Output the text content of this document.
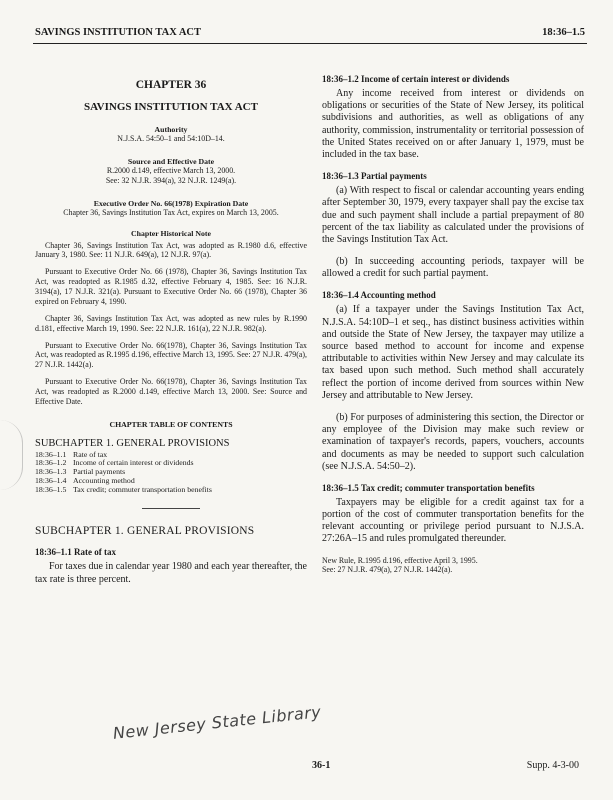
SAVINGS INSTITUTION TAX ACT	18:36–1.5
CHAPTER 36
SAVINGS INSTITUTION TAX ACT
Authority
N.J.S.A. 54:50–1 and 54:10D–14.
Source and Effective Date
R.2000 d.149, effective March 13, 2000.
See: 32 N.J.R. 394(a), 32 N.J.R. 1249(a).
Executive Order No. 66(1978) Expiration Date
Chapter 36, Savings Institution Tax Act, expires on March 13, 2005.
Chapter Historical Note

Chapter 36, Savings Institution Tax Act, was adopted as R.1980 d.6, effective January 3, 1980. See: 11 N.J.R. 649(a), 12 N.J.R. 97(a).

Pursuant to Executive Order No. 66 (1978), Chapter 36, Savings Institution Tax Act, was readopted as R.1985 d.32, effective February 4, 1985. See: 16 N.J.R. 3194(a), 17 N.J.R. 321(a). Pursuant to Executive Order No. 66 (1978), Chapter 36 expired on February 4, 1990.

Chapter 36, Savings Institution Tax Act, was adopted as new rules by R.1990 d.181, effective March 19, 1990. See: 22 N.J.R. 161(a), 22 N.J.R. 982(a).

Pursuant to Executive Order No. 66(1978), Chapter 36, Savings Institution Tax Act, was readopted as R.1995 d.196, effective March 13, 1995. See: 27 N.J.R. 479(a), 27 N.J.R. 1442(a).

Pursuant to Executive Order No. 66(1978), Chapter 36, Savings Institution Tax Act, was readopted as R.2000 d.149, effective March 13, 2000. See: Source and Effective Date.

CHAPTER TABLE OF CONTENTS
SUBCHAPTER 1. GENERAL PROVISIONS
18:36–1.1 Rate of tax
18:36–1.2 Income of certain interest or dividends
18:36–1.3 Partial payments
18:36–1.4 Accounting method
18:36–1.5 Tax credit; commuter transportation benefits
SUBCHAPTER 1. GENERAL PROVISIONS
18:36–1.1 Rate of tax

For taxes due in calendar year 1980 and each year thereafter, the tax rate is three percent.

18:36–1.2 Income of certain interest or dividends

Any income received from interest or dividends on obligations or securities of the State of New Jersey, its political subdivisions and authorities, as well as obligations of any authority, commission, instrumentality or territorial possession of the United States received on or after January 1, 1979, must be included in the tax base.

18:36–1.3 Partial payments

(a) With respect to fiscal or calendar accounting years ending after September 30, 1979, every taxpayer shall pay the excise tax due and such payment shall include a partial prepayment of 80 percent of the tax liability as calculated under the provisions of the Savings Institution Tax Act.

(b) In succeeding accounting periods, taxpayer will be allowed a credit for such partial payment.

18:36–1.4 Accounting method

(a) If a taxpayer under the Savings Institution Tax Act, N.J.S.A. 54:10D–1 et seq., has distinct business activities within and outside the State of New Jersey, the taxpayer may utilize a source based method to account for income and expense attributable to activities within New Jersey and may calculate its tax based upon such method. Such method shall accurately reflect the portion of income derived from sources within New Jersey and attributable to New Jersey.

(b) For purposes of administering this section, the Director or any employee of the Division may make such review or examination of taxpayer's records, papers, vouchers, accounts and documents as may be needed to support such calculation (see N.J.S.A. 54:50–2).

18:36–1.5 Tax credit; commuter transportation benefits

Taxpayers may be eligible for a credit against tax for a portion of the cost of commuter transportation benefits for the relevant accounting or privilege period pursuant to N.J.S.A. 27:26A–15 and rules promulgated thereunder.

New Rule, R.1995 d.196, effective April 3, 1995.
See: 27 N.J.R. 479(a), 27 N.J.R. 1442(a).
New Jersey State Library
36-1	Supp. 4-3-00
